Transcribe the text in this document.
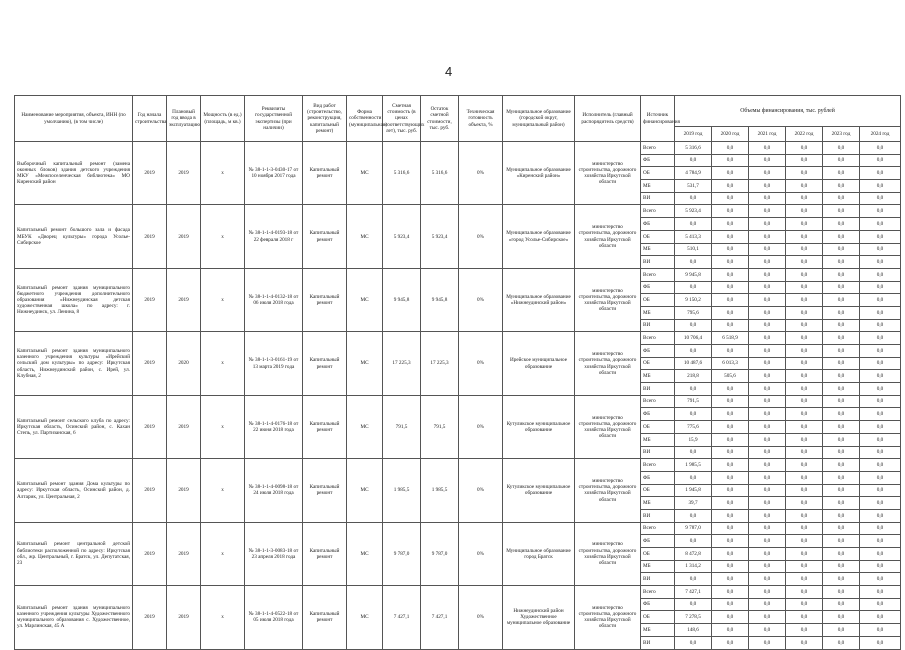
4
Наименование мероприятия, объекта, ИНН (по умолчанию), (в том числе)	Год начала строительства	Плановый год ввода в эксплуатацию	Мощность (в ед.) (площадь, м кв.)	Реквизиты государственной экспертизы (при наличии)	Вид работ (строительство, реконструкция, капитальный ремонт)	Форма собственности (муниципальная)	Сметная стоимость (в ценах соответствующих лет), тыс. руб.	Остаток сметной стоимости, тыс. руб.	Техническая готовность объекта, %	Муниципальное образование (городской округ, муниципальный район)	Исполнитель (главный распорядитель средств)	Источник финансирования	Объемы финансирования, тыс. рублей					
													2019 год	2020 год	2021 год	2022 год	2023 год	2024 год
Выборочный капитальный ремонт (замена оконных блоков) здания детского учреждения МКУ «Межпоселенческая библиотека» МО Киренский район	2019	2019	х	№ 38-1-1-3-0430-17 от 10 ноября 2017 года	Капитальный ремонт	МС	5 316,6	5 316,6	0%	Муниципальное образование «Киренский район»	министерство строительства, дорожного хозяйства Иркутской области	Всего	5 316,6	0,0	0,0	0,0	0,0	0,0
												ФБ	0,0	0,0	0,0	0,0	0,0	0,0
												ОБ	4 784,9	0,0	0,0	0,0	0,0	0,0
												МБ	531,7	0,0	0,0	0,0	0,0	0,0
												ВИ	0,0	0,0	0,0	0,0	0,0	0,0
Капитальный ремонт большого зала и фасада МБУК «Дворец культуры» города Усолье-Сибирское	2019	2019	х	№ 38-1-1-4-0193-18 от 22 февраля 2018 г	Капитальный ремонт	МС	5 923,4	5 923,4	0%	Муниципальное образование «город Усолье-Сибирское»	министерство строительства, дорожного хозяйства Иркутской области	Всего	5 923,4	0,0	0,0	0,0	0,0	0,0
												ФБ	0,0	0,0	0,0	0,0	0,0	0,0
												ОБ	5 413,3	0,0	0,0	0,0	0,0	0,0
												МБ	510,1	0,0	0,0	0,0	0,0	0,0
												ВИ	0,0	0,0	0,0	0,0	0,0	0,0
Капитальный ремонт здания муниципального бюджетного учреждения дополнительного образования «Нижнеудинская детская художественная школа» по адресу: г. Нижнеудинск, ул. Ленина, 8	2019	2019	х	№ 38-1-1-4-0132-18 от 06 июля 2018 года	Капитальный ремонт	МС	9 945,8	9 945,8	0%	Муниципальное образование «Нижнеудинский район»	министерство строительства, дорожного хозяйства Иркутской области	Всего	9 945,8	0,0	0,0	0,0	0,0	0,0
												ФБ	0,0	0,0	0,0	0,0	0,0	0,0
												ОБ	9 150,2	0,0	0,0	0,0	0,0	0,0
												МБ	795,6	0,0	0,0	0,0	0,0	0,0
												ВИ	0,0	0,0	0,0	0,0	0,0	0,0
Капитальный ремонт здания муниципального казенного учреждения культуры «Ирейский сельский дом культуры» по адресу: Иркутская область, Нижнеудинский район, с. Ирей, ул. Клубная, 2	2019	2020	х	№ 38-1-1-3-0161-19 от 13 марта 2019 года	Капитальный ремонт	МС	17 225,3	17 225,3	0%	Ирейское муниципальное образование	министерство строительства, дорожного хозяйства Иркутской области	Всего	10 706,4	6 518,9	0,0	0,0	0,0	0,0
												ФБ	0,0	0,0	0,0	0,0	0,0	0,0
												ОБ	10 487,6	6 013,3	0,0	0,0	0,0	0,0
												МБ	218,8	505,6	0,0	0,0	0,0	0,0
												ВИ	0,0	0,0	0,0	0,0	0,0	0,0
Капитальный ремонт сельского клуба по адресу: Иркутская область, Осинский район, с. Кахан Степь, ул. Партизанская, 6	2019	2019	х	№ 38-1-1-4-0176-18 от 22 июня 2018 года	Капитальный ремонт	МС	791,5	791,5	0%	Кутуликское муниципальное образование	министерство строительства, дорожного хозяйства Иркутской области	Всего	791,5	0,0	0,0	0,0	0,0	0,0
												ФБ	0,0	0,0	0,0	0,0	0,0	0,0
												ОБ	775,6	0,0	0,0	0,0	0,0	0,0
												МБ	15,9	0,0	0,0	0,0	0,0	0,0
												ВИ	0,0	0,0	0,0	0,0	0,0	0,0
Капитальный ремонт здания Дома культуры по адресу: Иркутская область, Осинский район, д. Алтарик, ул. Центральная, 2	2019	2019	х	№ 38-1-1-4-0098-18 от 24 июля 2018 года	Капитальный ремонт	МС	1 985,5	1 985,5	0%	Кутуликское муниципальное образование	министерство строительства, дорожного хозяйства Иркутской области	Всего	1 985,5	0,0	0,0	0,0	0,0	0,0
												ФБ	0,0	0,0	0,0	0,0	0,0	0,0
												ОБ	1 945,8	0,0	0,0	0,0	0,0	0,0
												МБ	39,7	0,0	0,0	0,0	0,0	0,0
												ВИ	0,0	0,0	0,0	0,0	0,0	0,0
Капитальный ремонт центральной детской библиотеки расположенной по адресу: Иркутская обл., жр. Центральный, г. Братск, ул. Депутатская, 23	2019	2019	х	№ 38-1-1-3-0083-18 от 23 апреля 2018 года	Капитальный ремонт	МС	9 787,0	9 787,0	0%	Муниципальное образование город Братск	министерство строительства, дорожного хозяйства Иркутской области	Всего	9 787,0	0,0	0,0	0,0	0,0	0,0
												ФБ	0,0	0,0	0,0	0,0	0,0	0,0
												ОБ	8 472,8	0,0	0,0	0,0	0,0	0,0
												МБ	1 314,2	0,0	0,0	0,0	0,0	0,0
												ВИ	0,0	0,0	0,0	0,0	0,0	0,0
Капитальный ремонт здания муниципального казенного учреждения культуры Художественного муниципального образования с. Художественное, ул. Марлинская, 45 А	2019	2019	х	№ 38-1-1-4-0522-18 от 05 июля 2018 года	Капитальный ремонт	МС	7 427,1	7 427,1	0%	Нижнеудинский район Художественное муниципальное образование	министерство строительства, дорожного хозяйства Иркутской области	Всего	7 427,1	0,0	0,0	0,0	0,0	0,0
												ФБ	0,0	0,0	0,0	0,0	0,0	0,0
												ОБ	7 278,5	0,0	0,0	0,0	0,0	0,0
												МБ	148,6	0,0	0,0	0,0	0,0	0,0
												ВИ	0,0	0,0	0,0	0,0	0,0	0,0
